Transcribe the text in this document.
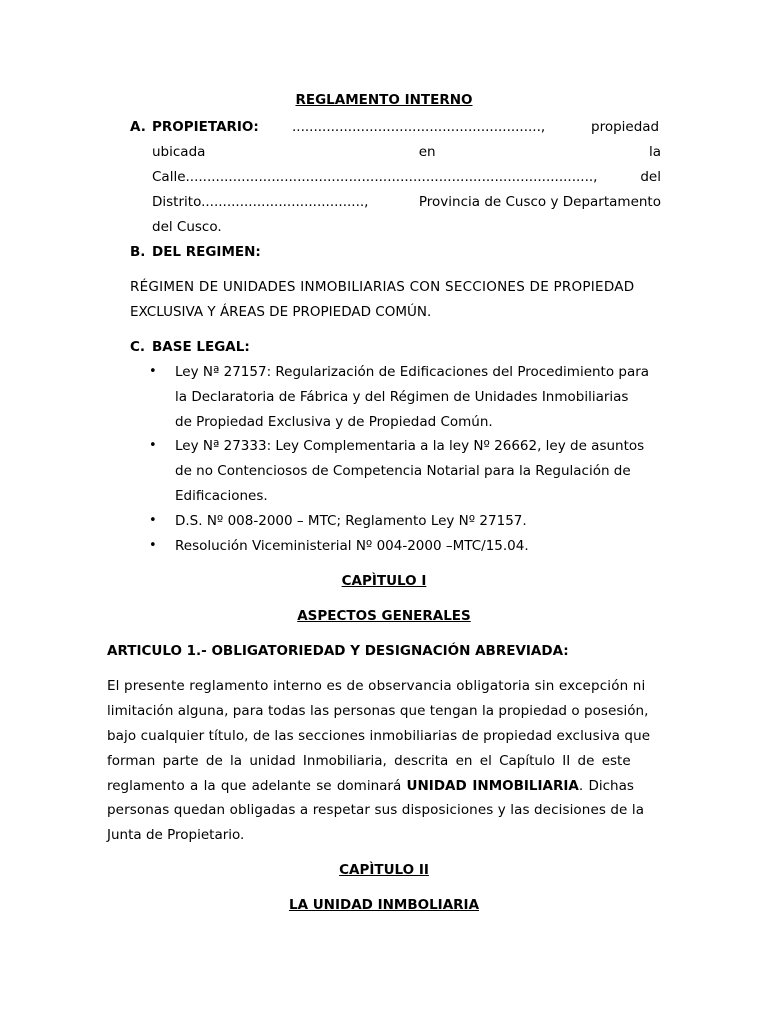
REGLAMENTO INTERNO
A. PROPIETARIO: ..........................................................,	propiedad
ubicada	en	la
Calle...............................................................................................,	del
Distrito......................................,	Provincia de Cusco y Departamento
del Cusco.
B. DEL REGIMEN:
RÉGIMEN DE UNIDADES INMOBILIARIAS CON SECCIONES DE PROPIEDAD
EXCLUSIVA Y ÁREAS DE PROPIEDAD COMÚN.
C. BASE LEGAL:
• Ley Nª 27157: Regularización de Edificaciones del Procedimiento para
la Declaratoria de Fábrica y del Régimen de Unidades Inmobiliarias
de Propiedad Exclusiva y de Propiedad Común.
• Ley Nª 27333: Ley Complementaria a la ley Nº 26662, ley de asuntos
de no Contenciosos de Competencia Notarial para la Regulación de
Edificaciones.
• D.S. Nº 008-2000 – MTC; Reglamento Ley Nº 27157.
• Resolución Viceministerial Nº 004-2000 –MTC/15.04.
CAPÌTULO I
ASPECTOS GENERALES
ARTICULO 1.- OBLIGATORIEDAD Y DESIGNACIÓN ABREVIADA:
El presente reglamento interno es de observancia obligatoria sin excepción ni
limitación alguna, para todas las personas que tengan la propiedad o posesión,
bajo cualquier título, de las secciones inmobiliarias de propiedad exclusiva que
forman parte de la unidad Inmobiliaria, descrita en el Capítulo II de este
reglamento a la que adelante se dominará UNIDAD INMOBILIARIA. Dichas
personas quedan obligadas a respetar sus disposiciones y las decisiones de la
Junta de Propietario.
CAPÌTULO II
LA UNIDAD INMBOLIARIA
